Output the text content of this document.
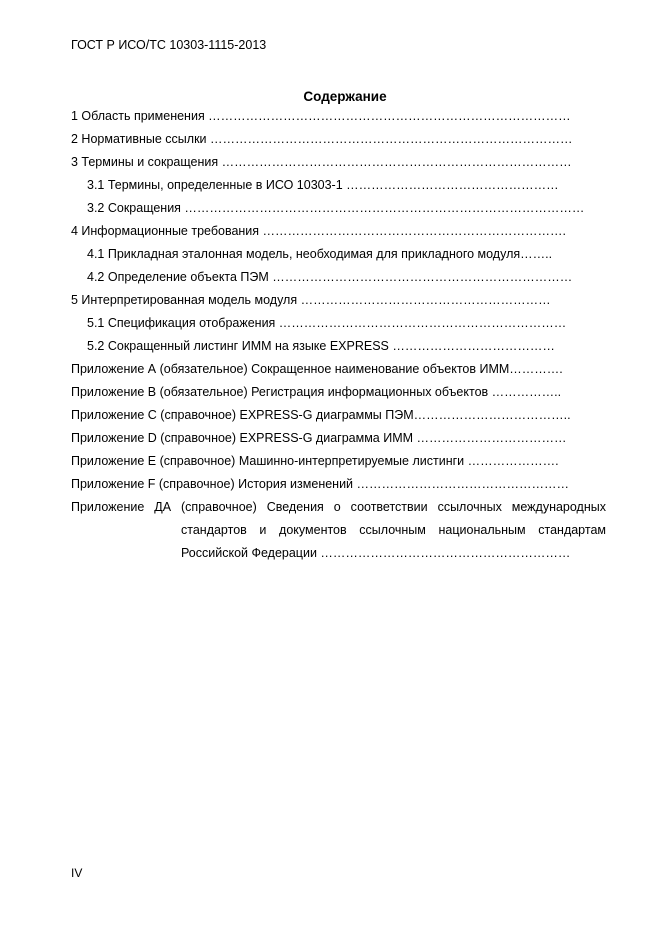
ГОСТ Р ИСО/ТС 10303-1115-2013
Содержание
1 Область применения ……………………………………………………………………………
2 Нормативные ссылки ……………………………………………………………………………
3 Термины и сокращения …………………………………………………………………………
3.1 Термины, определенные в ИСО 10303-1 ……………………………………………
3.2 Сокращения ……………………………………………………………………………………
4 Информационные требования ……………………………………………………………….
4.1 Прикладная эталонная модель, необходимая для прикладного модуля……..
4.2 Определение объекта ПЭМ ………………………………………………………………
5 Интерпретированная модель модуля ……………………………………………………
5.1 Спецификация отображения ……………………………………………………………
5.2 Сокращенный листинг ИММ на языке EXPRESS …………………………………
Приложение А (обязательное) Сокращенное наименование объектов ИММ………….
Приложение В (обязательное) Регистрация информационных объектов ……………..
Приложение С (справочное) EXPRESS-G диаграммы ПЭМ………………………………..
Приложение D (справочное) EXPRESS-G диаграмма ИММ ………………………………
Приложение E (справочное) Машинно-интерпретируемые листинги ………………….
Приложение F (справочное) История изменений ……………………………………………
Приложение ДА (справочное) Сведения о соответствии ссылочных международных
стандартов и документов ссылочным национальным стандартам
Российской Федерации ……………………………………………………
IV
